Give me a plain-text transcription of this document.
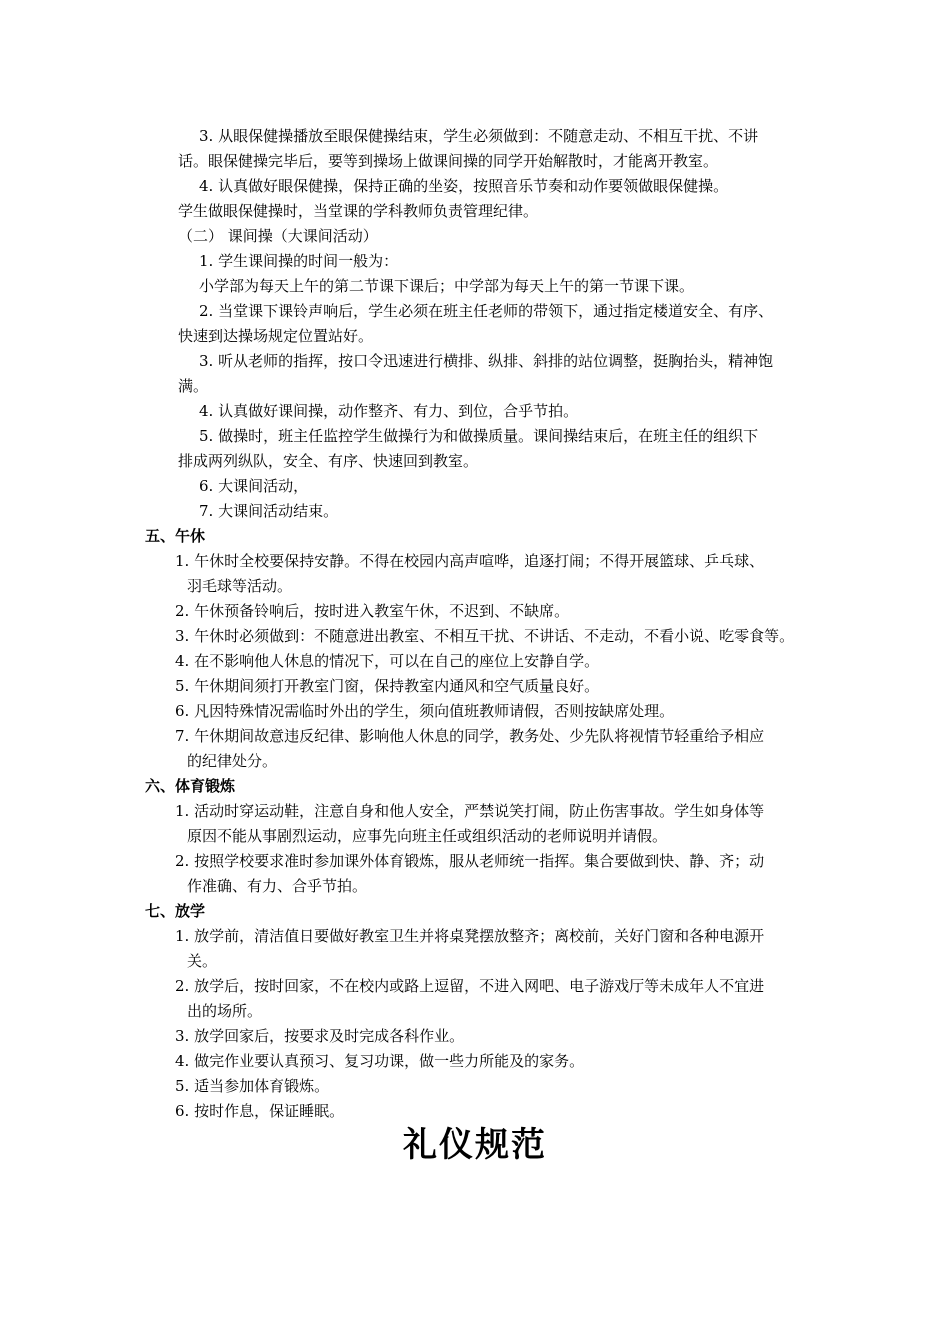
3. 从眼保健操播放至眼保健操结束，学生必须做到：不随意走动、不相互干扰、不讲
话。眼保健操完毕后，要等到操场上做课间操的同学开始解散时，才能离开教室。
4. 认真做好眼保健操，保持正确的坐姿，按照音乐节奏和动作要领做眼保健操。
学生做眼保健操时，当堂课的学科教师负责管理纪律。
（二） 课间操（大课间活动）
1. 学生课间操的时间一般为：
小学部为每天上午的第二节课下课后；中学部为每天上午的第一节课下课。
2. 当堂课下课铃声响后，学生必须在班主任老师的带领下，通过指定楼道安全、有序、
快速到达操场规定位置站好。
3. 听从老师的指挥，按口令迅速进行横排、纵排、斜排的站位调整，挺胸抬头，精神饱
满。
4. 认真做好课间操，动作整齐、有力、到位，合乎节拍。
5. 做操时，班主任监控学生做操行为和做操质量。课间操结束后，在班主任的组织下
排成两列纵队，安全、有序、快速回到教室。
6. 大课间活动，
7. 大课间活动结束。
五、午休
1. 午休时全校要保持安静。不得在校园内高声喧哗，追逐打闹；不得开展篮球、乒乓球、
羽毛球等活动。
2. 午休预备铃响后，按时进入教室午休，不迟到、不缺席。
3. 午休时必须做到：不随意进出教室、不相互干扰、不讲话、不走动，不看小说、吃零食等。
4. 在不影响他人休息的情况下，可以在自己的座位上安静自学。
5. 午休期间须打开教室门窗，保持教室内通风和空气质量良好。
6. 凡因特殊情况需临时外出的学生，须向值班教师请假，否则按缺席处理。
7. 午休期间故意违反纪律、影响他人休息的同学，教务处、少先队将视情节轻重给予相应
的纪律处分。
六、体育锻炼
1. 活动时穿运动鞋，注意自身和他人安全，严禁说笑打闹，防止伤害事故。学生如身体等
原因不能从事剧烈运动，应事先向班主任或组织活动的老师说明并请假。
2. 按照学校要求准时参加课外体育锻炼，服从老师统一指挥。集合要做到快、静、齐；动
作准确、有力、合乎节拍。
七、放学
1. 放学前，清洁值日要做好教室卫生并将桌凳摆放整齐；离校前，关好门窗和各种电源开
关。
2. 放学后，按时回家，不在校内或路上逗留，不进入网吧、电子游戏厅等未成年人不宜进
出的场所。
3. 放学回家后，按要求及时完成各科作业。
4. 做完作业要认真预习、复习功课，做一些力所能及的家务。
5. 适当参加体育锻炼。
6. 按时作息，保证睡眠。
礼仪规范
